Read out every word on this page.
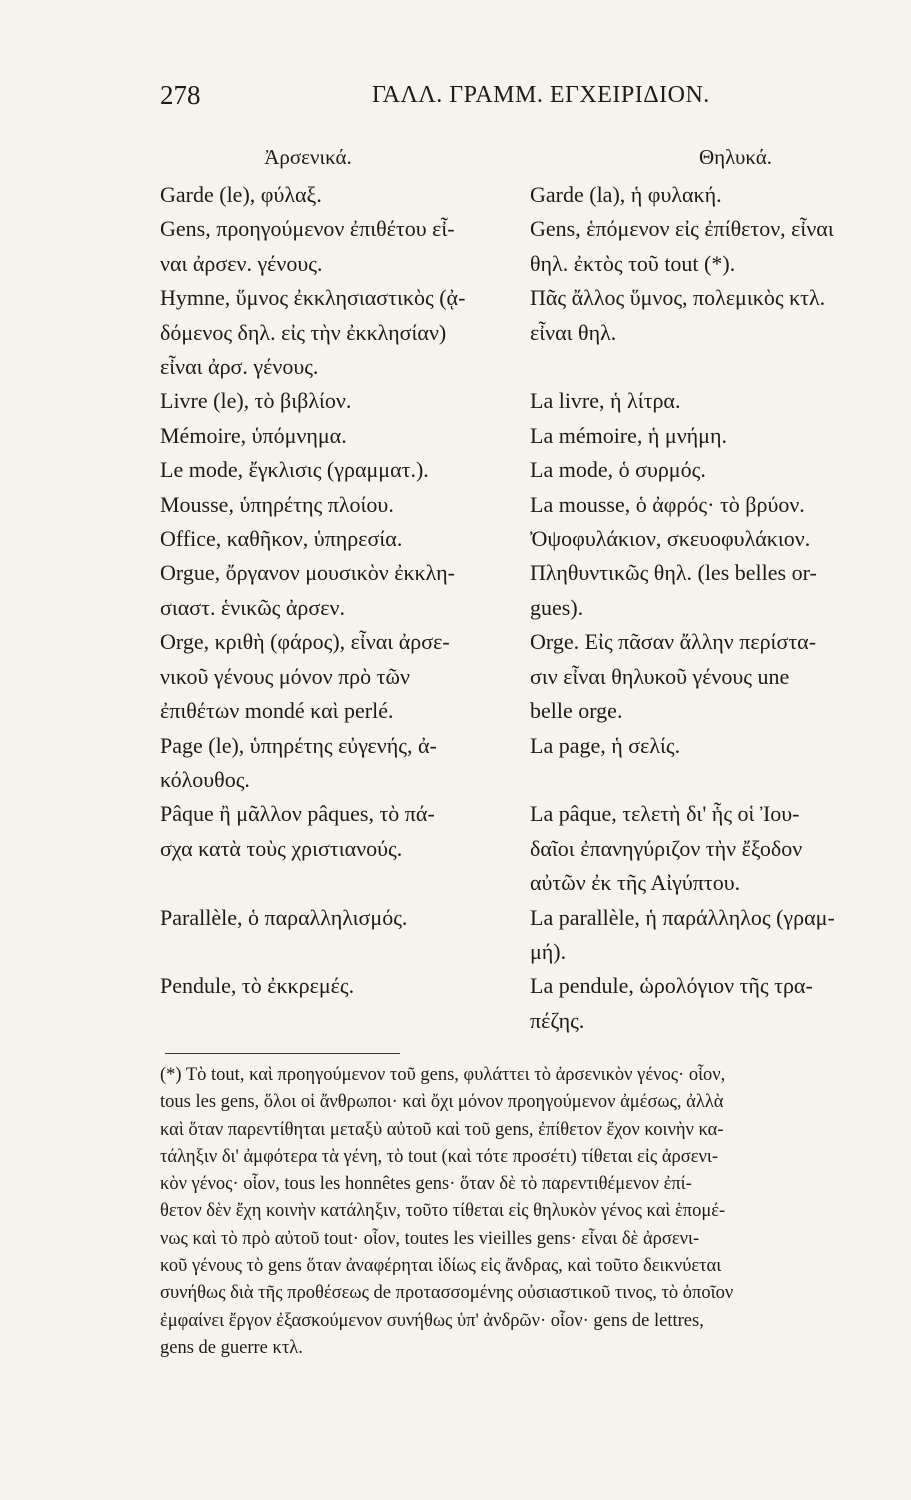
278	ΓΑΛΛ. ΓΡΑΜΜ. ΕΓΧΕΙΡΙΔΙΟΝ.
Ἀρσενικά.
Garde (le), φύλαξ.
Gens, προηγούμενον ἐπιθέτου εἶ-
ναι ἀρσεν. γένους.
Hymne, ὕμνος ἐκκλησιαστικὸς (ᾀ-
δόμενος δηλ. εἰς τὴν ἐκκλησίαν)
εἶναι ἀρσ. γένους.
Livre (le), τὸ βιβλίον.
Mémoire, ὑπόμνημα.
Le mode, ἔγκλισις (γραμματ.).
Mousse, ὑπηρέτης πλοίου.
Office, καθῆκον, ὑπηρεσία.
Orgue, ὄργανον μουσικὸν ἐκκλη-
σιαστ. ἑνικῶς ἀρσεν.
Orge, κριθὴ (φάρος), εἶναι ἀρσε-
νικοῦ γένους μόνον πρὸ τῶν
ἐπιθέτων mondé καὶ perlé.
Page (le), ὑπηρέτης εὐγενής, ἀ-
κόλουθος.
Pâque ἢ μᾶλλον pâques, τὸ πά-
σχα κατὰ τοὺς χριστιανούς.

Parallèle, ὁ παραλληλισμός.

Pendule, τὸ ἐκκρεμές.
Θηλυκά.
Garde (la), ἡ φυλακή.
Gens, ἑπόμενον εἰς ἐπίθετον, εἶναι
θηλ. ἐκτὸς τοῦ tout (*).
Πᾶς ἄλλος ὕμνος, πολεμικὸς κτλ.
εἶναι θηλ.

La livre, ἡ λίτρα.
La mémoire, ἡ μνήμη.
La mode, ὁ συρμός.
La mousse, ὁ ἀφρός· τὸ βρύον.
Ὀψοφυλάκιον, σκευοφυλάκιον.
Πληθυντικῶς θηλ. (les belles or-
gues).
Orge. Εἰς πᾶσαν ἄλλην περίστα-
σιν εἶναι θηλυκοῦ γένους une
belle orge.
La page, ἡ σελίς.

La pâque, τελετὴ δι' ἧς οἱ Ἰου-
δαῖοι ἐπανηγύριζον τὴν ἔξοδον
αὐτῶν ἐκ τῆς Αἰγύπτου.
La parallèle, ἡ παράλληλος (γραμ-
μή).
La pendule, ὡρολόγιον τῆς τρα-
πέζης.
(*) Τὸ tout, καὶ προηγούμενον τοῦ gens, φυλάττει τὸ ἀρσενικὸν γένος· οἷον,
tous les gens, ὅλοι οἱ ἄνθρωποι· καὶ ὄχι μόνον προηγούμενον ἀμέσως, ἀλλὰ
καὶ ὅταν παρεντίθηται μεταξὺ αὐτοῦ καὶ τοῦ gens, ἐπίθετον ἔχον κοινὴν κα-
τάληξιν δι' ἀμφότερα τὰ γένη, τὸ tout (καὶ τότε προσέτι) τίθεται εἰς ἀρσενι-
κὸν γένος· οἷον, tous les honnêtes gens· ὅταν δὲ τὸ παρεντιθέμενον ἐπί-
θετον δὲν ἔχη κοινὴν κατάληξιν, τοῦτο τίθεται εἰς θηλυκὸν γένος καὶ ἑπομέ-
νως καὶ τὸ πρὸ αὐτοῦ tout· οἷον, toutes les vieilles gens· εἶναι δὲ ἀρσενι-
κοῦ γένους τὸ gens ὅταν ἀναφέρηται ἰδίως εἰς ἄνδρας, καὶ τοῦτο δεικνύεται
συνήθως διὰ τῆς προθέσεως de προτασσομένης οὐσιαστικοῦ τινος, τὸ ὁποῖον
ἐμφαίνει ἔργον ἐξασκούμενον συνήθως ὑπ' ἀνδρῶν· οἷον· gens de lettres,
gens de guerre κτλ.
